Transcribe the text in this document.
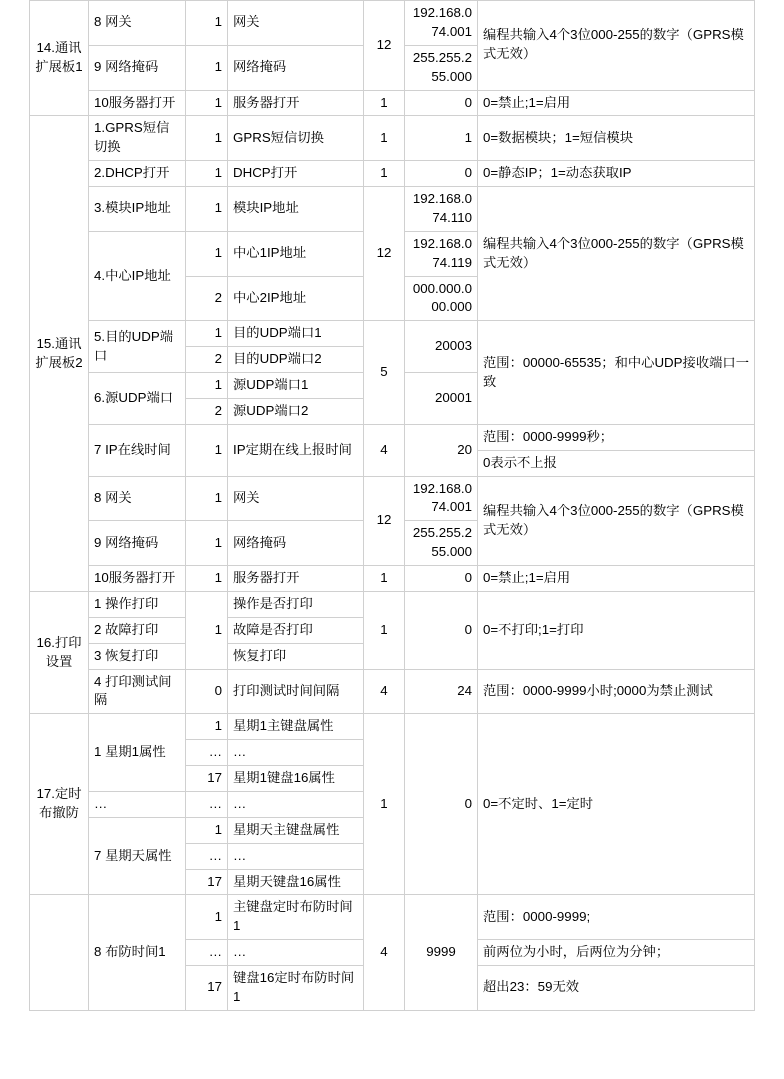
14.通讯扩展板1	8 网关	1	网关	12	192.168.074.001	编程共输入4个3位000-255的数字（GPRS模式无效）
	9 网络掩码	1	网络掩码		255.255.255.000	
	10服务器打开	1	服务器打开	1	0	0=禁止;1=启用
15.通讯扩展板2	1.GPRS短信切换	1	GPRS短信切换	1	1	0=数据模块；1=短信模块
	2.DHCP打开	1	DHCP打开	1	0	0=静态IP；1=动态获取IP
	3.模块IP地址	1	模块IP地址	12	192.168.074.110	编程共输入4个3位000-255的数字（GPRS模式无效）
	4.中心IP地址	1	中心1IP地址		192.168.074.119	
		2	中心2IP地址		000.000.000.000	
	5.目的UDP端口	1	目的UDP端口1	5	20003	范围：00000-65535；和中心UDP接收端口一致
		2	目的UDP端口2			
	6.源UDP端口	1	源UDP端口1		20001	
		2	源UDP端口2			
	7 IP在线时间	1	IP定期在线上报时间	4	20	范围：0000-9999秒；
						0表示不上报
	8 网关	1	网关	12	192.168.074.001	编程共输入4个3位000-255的数字（GPRS模式无效）
	9 网络掩码	1	网络掩码		255.255.255.000	
	10服务器打开	1	服务器打开	1	0	0=禁止;1=启用
16.打印设置	1 操作打印	1	操作是否打印	1	0	0=不打印;1=打印
	2 故障打印		故障是否打印			
	3 恢复打印		恢复打印			
	4 打印测试间隔	0	打印测试时间间隔	4	24	范围：0000-9999小时;0000为禁止测试
17.定时布撤防	1 星期1属性	1	星期1主键盘属性	1	0	0=不定时、1=定时
		…	…			
		17	星期1键盘16属性			
	…	…	…			
	7 星期天属性	1	星期天主键盘属性			
		…	…			
		17	星期天键盘16属性			
	8 布防时间1	1	主键盘定时布防时间1	4	9999	范围：0000-9999;
		…	…			前两位为小时，后两位为分钟；
		17	键盘16定时布防时间1			超出23：59无效
